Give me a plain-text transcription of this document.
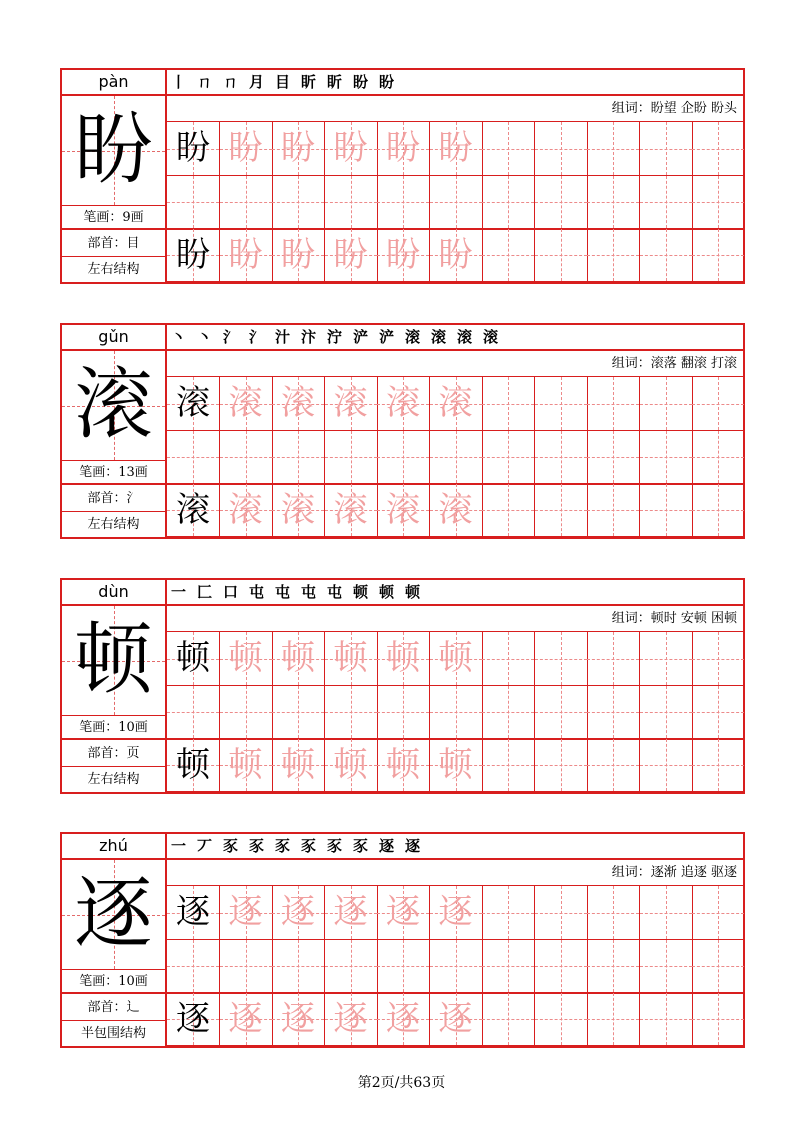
pàn
盼
笔画：9画
部首：目
左右结构
丨 ㄇ ㄇ 月 目 盺 盺 盼 盼
组词：盼望 企盼 盼头
盼 盼 盼 盼 盼 盼
盼 盼 盼 盼 盼 盼
gǔn
滚
笔画：13画
部首：氵
左右结构
丶 丶 氵 氵 汁 汴 泞 浐 浐 滚 滚 滚 滚
组词：滚落 翻滚 打滚
滚 滚 滚 滚 滚 滚
滚 滚 滚 滚 滚 滚
dùn
顿
笔画：10画
部首：页
左右结构
一 匚 口 屯 屯 屯 屯 顿 顿 顿
组词：顿时 安顿 困顿
顿 顿 顿 顿 顿 顿
顿 顿 顿 顿 顿 顿
zhú
逐
笔画：10画
部首：辶
半包围结构
一 丆 豕 豕 豕 豕 豕 豕 逐 逐
组词：逐渐 追逐 驱逐
逐 逐 逐 逐 逐 逐
逐 逐 逐 逐 逐 逐
第2页/共63页
